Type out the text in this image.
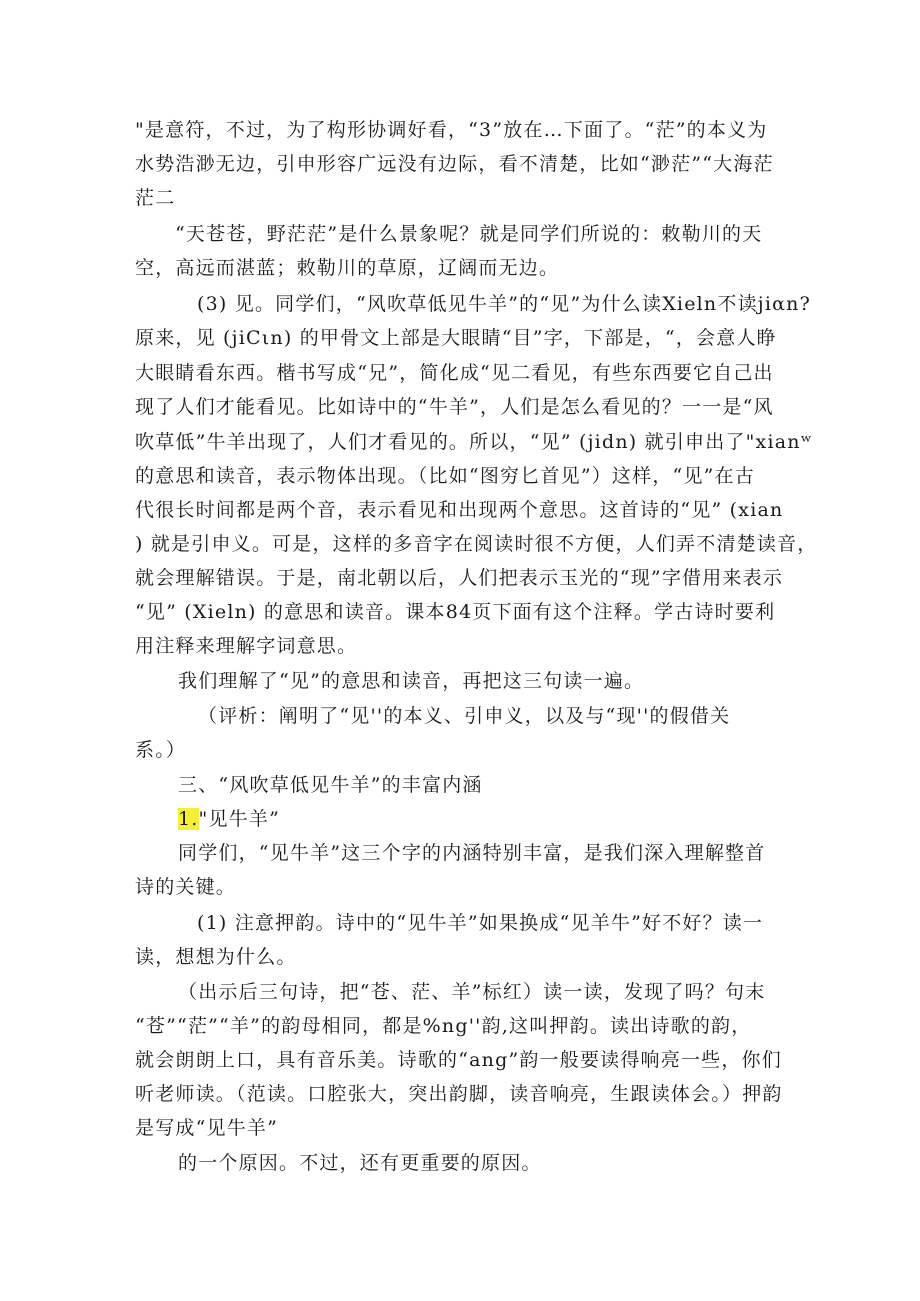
"是意符，不过，为了构形协调好看，“3”放在…下面了。“茫”的本义为
水势浩渺无边，引申形容广远没有边际，看不清楚，比如“渺茫”“大海茫
茫二
“天苍苍，野茫茫”是什么景象呢？就是同学们所说的：敕勒川的天
空，高远而湛蓝；敕勒川的草原，辽阔而无边。
(3) 见。同学们，“风吹草低见牛羊”的“见”为什么读Xieln不读jiαn?
原来，见 (jiCιn) 的甲骨文上部是大眼睛“目”字，下部是，“，会意人睁
大眼睛看东西。楷书写成“兄”，简化成“见二看见，有些东西要它自己出
现了人们才能看见。比如诗中的“牛羊”，人们是怎么看见的？一一是“风
吹草低”牛羊出现了，人们才看见的。所以，“见” (jidn) 就引申出了"xianʷ
的意思和读音，表示物体出现。（比如“图穷匕首见”）这样，“见”在古
代很长时间都是两个音，表示看见和出现两个意思。这首诗的“见” (xian
) 就是引申义。可是，这样的多音字在阅读时很不方便，人们弄不清楚读音，
就会理解错误。于是，南北朝以后，人们把表示玉光的“现”字借用来表示
“见” (Xieln) 的意思和读音。课本84页下面有这个注释。学古诗时要利
用注释来理解字词意思。
我们理解了“见”的意思和读音，再把这三句读一遍。
（评析：阐明了“见''的本义、引申义，以及与“现''的假借关
系。）
三、“风吹草低见牛羊”的丰富内涵
1."见牛羊”
同学们，“见牛羊”这三个字的内涵特别丰富，是我们深入理解整首
诗的关键。
(1) 注意押韵。诗中的“见牛羊”如果换成“见羊牛”好不好？读一
读，想想为什么。
（出示后三句诗，把“苍、茫、羊”标红）读一读，发现了吗？句末
“苍”“茫”“羊”的韵母相同，都是%ng''韵,这叫押韵。读出诗歌的韵，
就会朗朗上口，具有音乐美。诗歌的“ang”韵一般要读得响亮一些，你们
听老师读。（范读。口腔张大，突出韵脚，读音响亮，生跟读体会。）押韵
是写成“见牛羊”
的一个原因。不过，还有更重要的原因。
